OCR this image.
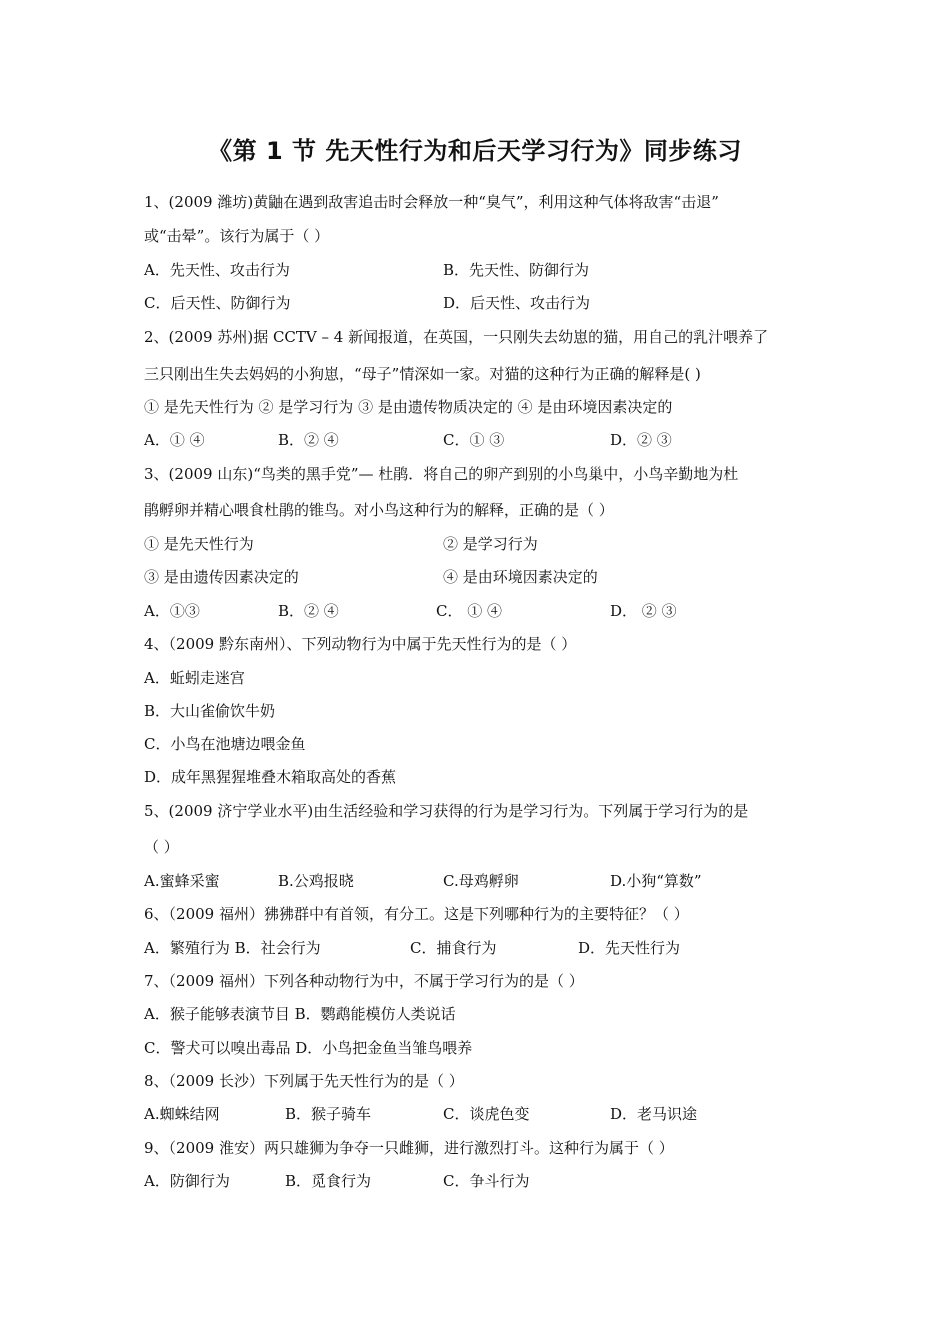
《第 1 节 先天性行为和后天学习行为》同步练习
1、(2009 潍坊)黄鼬在遇到敌害追击时会释放一种“臭气”，利用这种气体将敌害“击退”
或“击晕”。该行为属于（ ）
A．先天性、攻击行为	B．先天性、防御行为
C．后天性、防御行为	D．后天性、攻击行为
2、(2009 苏州)据 CCTV – 4 新闻报道，在英国，一只刚失去幼崽的猫，用自己的乳汁喂养了
三只刚出生失去妈妈的小狗崽，“母子”情深如一家。对猫的这种行为正确的解释是( )
① 是先天性行为 ② 是学习行为 ③ 是由遗传物质决定的 ④ 是由环境因素决定的
A．① ④	B．② ④	C．① ③	D．② ③
3、(2009 山东)“鸟类的黑手党”— 杜鹃．将自己的卵产到别的小鸟巢中，小鸟辛勤地为杜
鹃孵卵并精心喂食杜鹃的锥鸟。对小鸟这种行为的解释，正确的是（ ）
① 是先天性行为	② 是学习行为
③ 是由遗传因素决定的	④ 是由环境因素决定的
A．①③	B．② ④	C． ① ④	D． ② ③
4、（2009 黔东南州）、下列动物行为中属于先天性行为的是（ ）
A．蚯蚓走迷宫
B．大山雀偷饮牛奶
C．小鸟在池塘边喂金鱼
D．成年黑猩猩堆叠木箱取高处的香蕉
5、(2009 济宁学业水平)由生活经验和学习获得的行为是学习行为。下列属于学习行为的是
（ ）
A.蜜蜂采蜜	B.公鸡报晓	C.母鸡孵卵	D.小狗“算数”
6、（2009 福州）狒狒群中有首领，有分工。这是下列哪种行为的主要特征？（ ）
A．繁殖行为 B．社会行为	C．捕食行为	D．先天性行为
7、（2009 福州）下列各种动物行为中，不属于学习行为的是（ ）
A．猴子能够表演节目 B．鹦鹉能模仿人类说话
C．警犬可以嗅出毒品 D．小鸟把金鱼当雏鸟喂养
8、（2009 长沙）下列属于先天性行为的是（ ）
A.蜘蛛结网	B．猴子骑车	C．谈虎色变	D．老马识途
9、（2009 淮安）两只雄狮为争夺一只雌狮，进行激烈打斗。这种行为属于（ ）
A．防御行为	B．觅食行为	C．争斗行为
